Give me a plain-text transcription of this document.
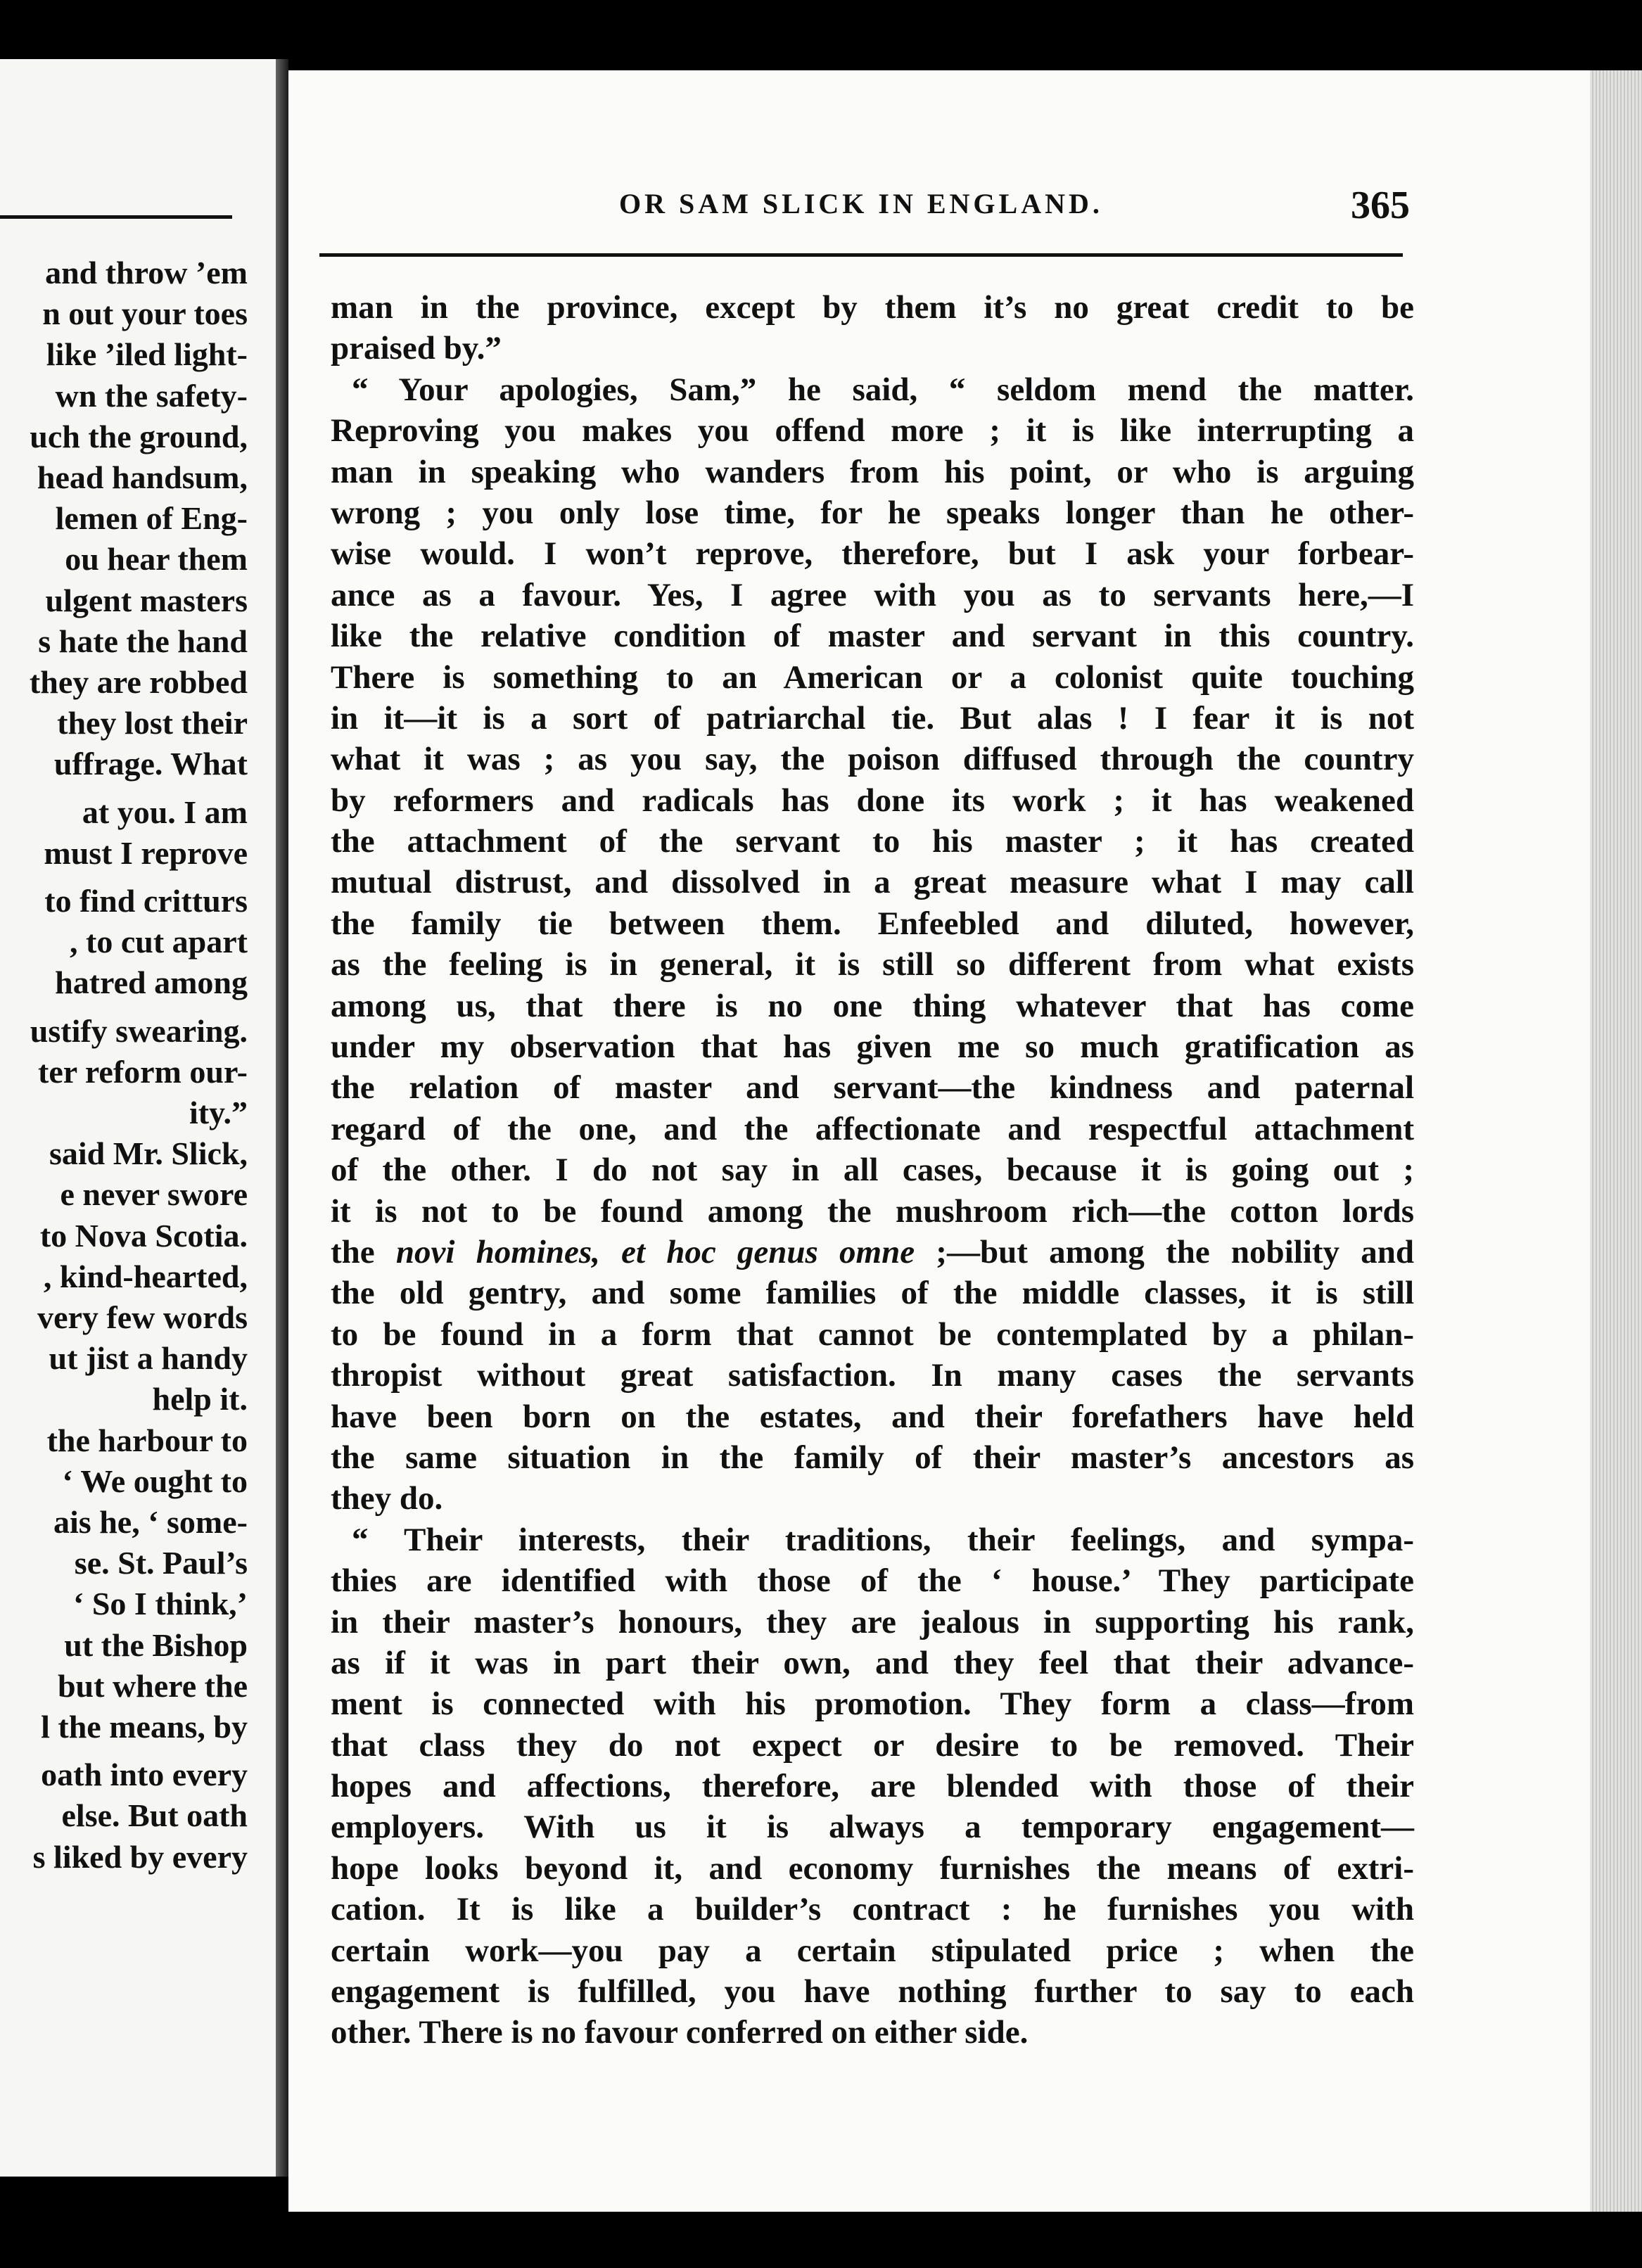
and throw ’em
n out your toes
like ’iled light-
wn the safety-
uch the ground,
head handsum,
lemen of Eng-
ou hear them
ulgent masters
s hate the hand
they are robbed
they lost their
uffrage. What
at you. I am
must I reprove
to find critturs
, to cut apart
hatred among
ustify swearing.
ter reform our-
ity.”
said Mr. Slick,
e never swore
to Nova Scotia.
, kind-hearted,
very few words
ut jist a handy
help it.
the harbour to
‘ We ought to
ais he, ‘ some-
se. St. Paul’s
‘ So I think,’
ut the Bishop
but where the
l the means, by
oath into every
else. But oath
s liked by every
OR SAM SLICK IN ENGLAND.	365
man in the province, except by them it’s no great credit to be
praised by.”
“ Your apologies, Sam,” he said, “ seldom mend the matter.
Reproving you makes you offend more ; it is like interrupting a
man in speaking who wanders from his point, or who is arguing
wrong ; you only lose time, for he speaks longer than he other-
wise would. I won’t reprove, therefore, but I ask your forbear-
ance as a favour. Yes, I agree with you as to servants here,—I
like the relative condition of master and servant in this country.
There is something to an American or a colonist quite touching
in it—it is a sort of patriarchal tie. But alas ! I fear it is not
what it was ; as you say, the poison diffused through the country
by reformers and radicals has done its work ; it has weakened
the attachment of the servant to his master ; it has created
mutual distrust, and dissolved in a great measure what I may call
the family tie between them. Enfeebled and diluted, however,
as the feeling is in general, it is still so different from what exists
among us, that there is no one thing whatever that has come
under my observation that has given me so much gratification as
the relation of master and servant—the kindness and paternal
regard of the one, and the affectionate and respectful attachment
of the other. I do not say in all cases, because it is going out ;
it is not to be found among the mushroom rich—the cotton lords
the novi homines, et hoc genus omne ;—but among the nobility and
the old gentry, and some families of the middle classes, it is still
to be found in a form that cannot be contemplated by a philan-
thropist without great satisfaction. In many cases the servants
have been born on the estates, and their forefathers have held
the same situation in the family of their master’s ancestors as
they do.
“ Their interests, their traditions, their feelings, and sympa-
thies are identified with those of the ‘ house.’ They participate
in their master’s honours, they are jealous in supporting his rank,
as if it was in part their own, and they feel that their advance-
ment is connected with his promotion. They form a class—from
that class they do not expect or desire to be removed. Their
hopes and affections, therefore, are blended with those of their
employers. With us it is always a temporary engagement—
hope looks beyond it, and economy furnishes the means of extri-
cation. It is like a builder’s contract : he furnishes you with
certain work—you pay a certain stipulated price ; when the
engagement is fulfilled, you have nothing further to say to each
other. There is no favour conferred on either side.
